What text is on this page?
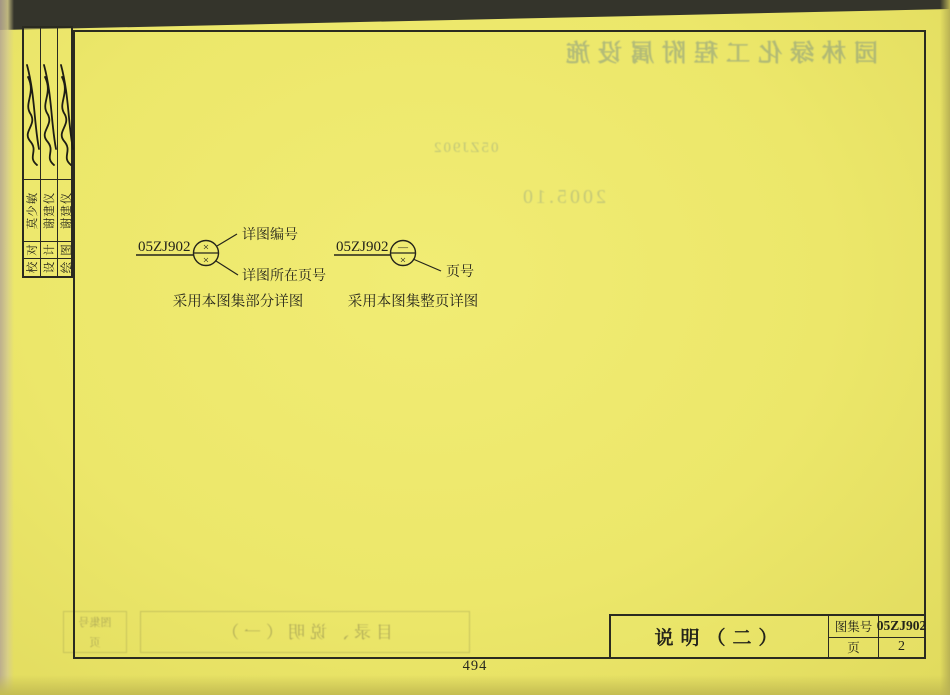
园林绿化工程附属设施
05ZJ902
2005.10
目录、说明（一）
图集号
页
校
对
莫少敏
设
计
谢建仪
绘
图
谢建仪
05ZJ902 ×
×
详图编号
详图所在页号
采用本图集部分详图
05ZJ902 —
×
页号
采用本图集整页详图
说明（二）
图集号 05ZJ902
页	2
494
